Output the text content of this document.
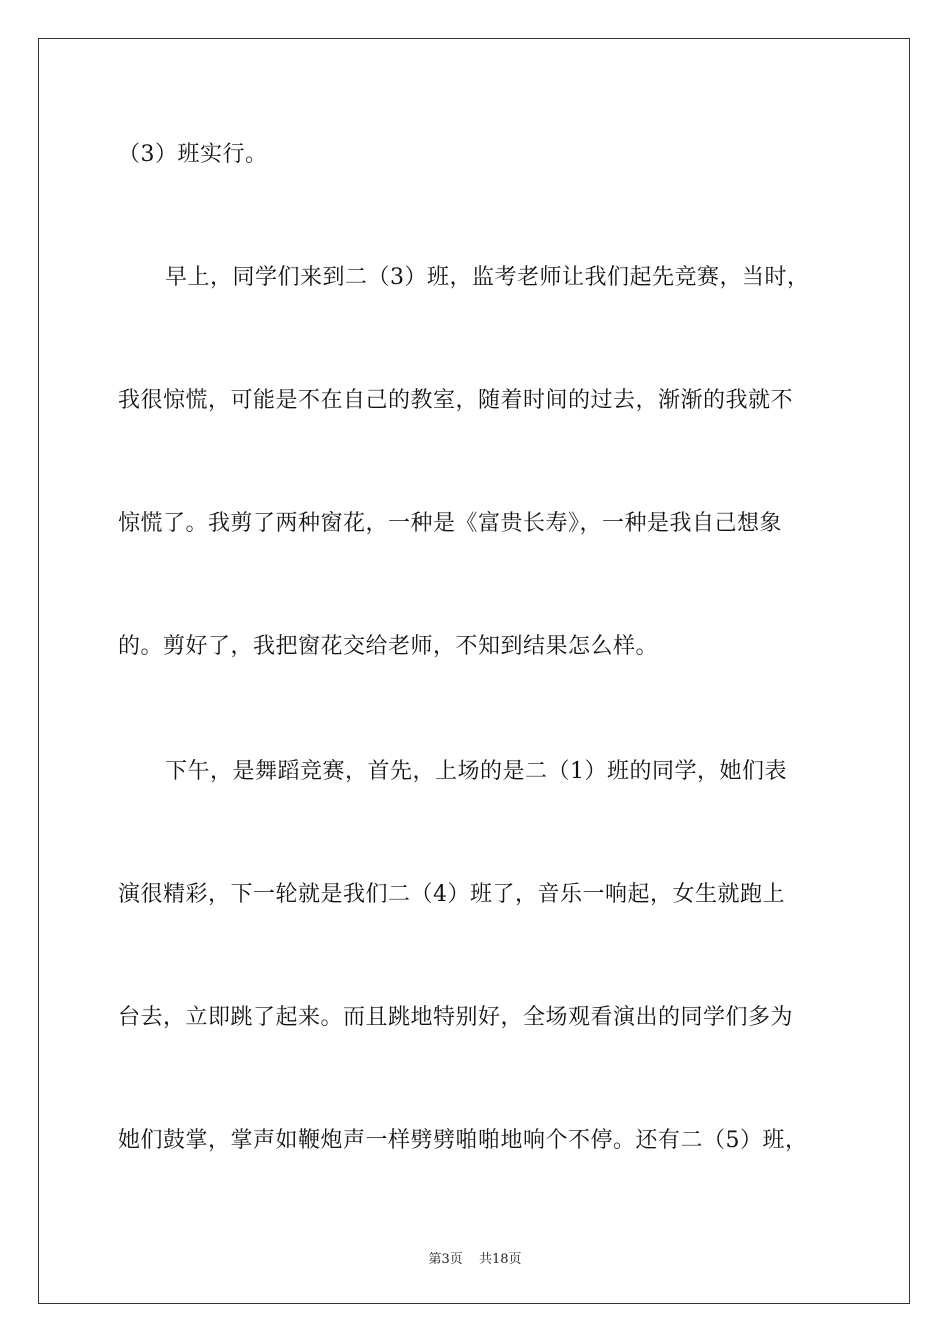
（3）班实行。
早上，同学们来到二（3）班，监考老师让我们起先竞赛，当时，
我很惊慌，可能是不在自己的教室，随着时间的过去，渐渐的我就不
惊慌了。我剪了两种窗花，一种是《富贵长寿》，一种是我自己想象
的。剪好了，我把窗花交给老师，不知到结果怎么样。
下午，是舞蹈竞赛，首先，上场的是二（1）班的同学，她们表
演很精彩，下一轮就是我们二（4）班了，音乐一响起，女生就跑上
台去，立即跳了起来。而且跳地特别好，全场观看演出的同学们多为
她们鼓掌，掌声如鞭炮声一样劈劈啪啪地响个不停。还有二（5）班，
第3页 共18页
